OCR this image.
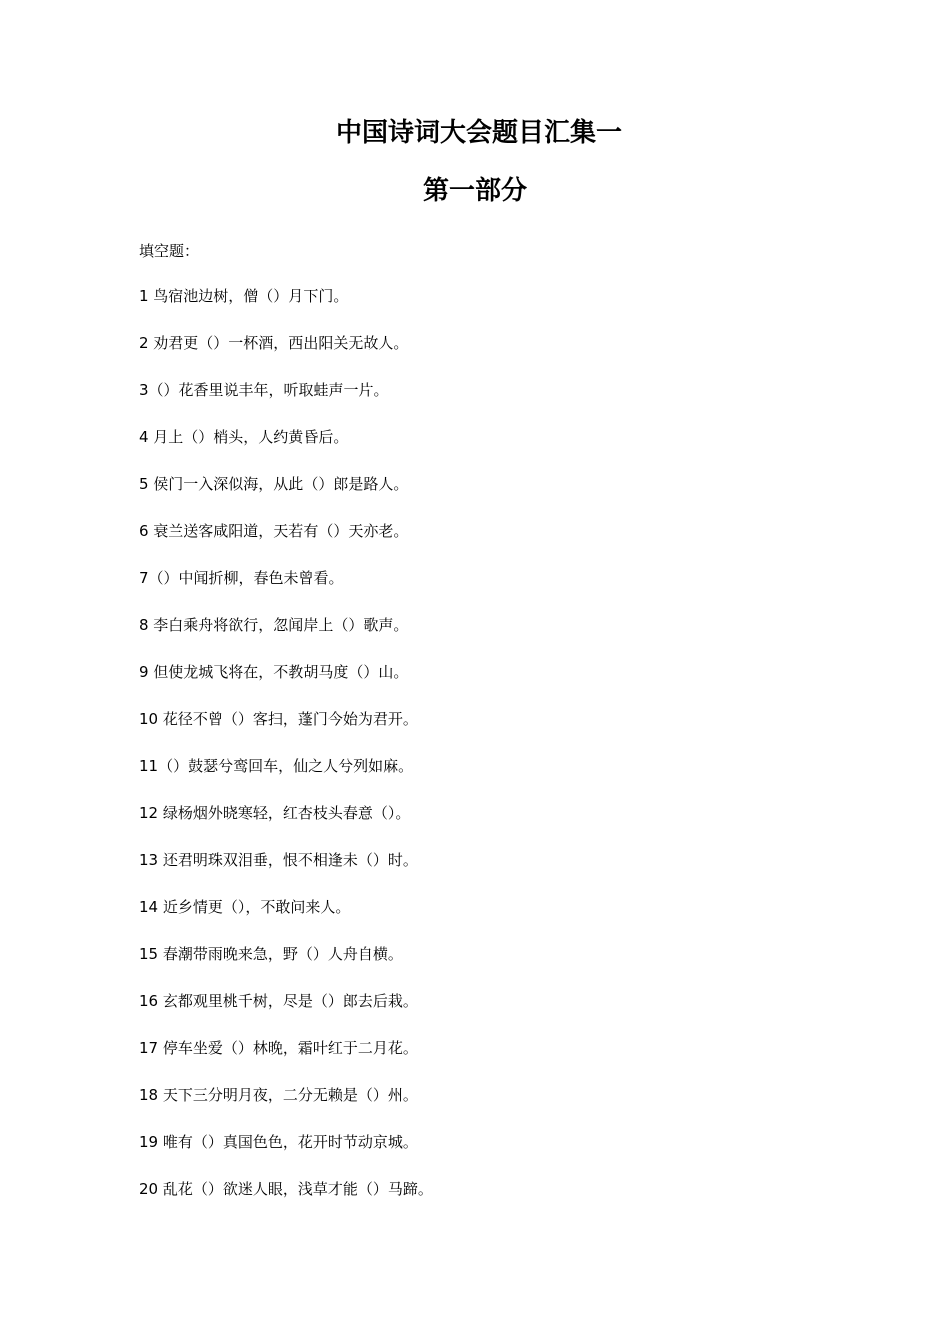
中国诗词大会题目汇集一
第一部分

填空题：

1 鸟宿池边树，僧（）月下门。
2 劝君更（）一杯酒，西出阳关无故人。
3（）花香里说丰年，听取蛙声一片。
4 月上（）梢头，人约黄昏后。
5 侯门一入深似海，从此（）郎是路人。
6 衰兰送客咸阳道，天若有（）天亦老。
7（）中闻折柳，春色未曾看。
8 李白乘舟将欲行，忽闻岸上（）歌声。
9 但使龙城飞将在，不教胡马度（）山。
10 花径不曾（）客扫，蓬门今始为君开。
11（）鼓瑟兮鸾回车，仙之人兮列如麻。
12 绿杨烟外晓寒轻，红杏枝头春意（）。
13 还君明珠双泪垂，恨不相逢未（）时。
14 近乡情更（），不敢问来人。
15 春潮带雨晚来急，野（）人舟自横。
16 玄都观里桃千树，尽是（）郎去后栽。
17 停车坐爱（）林晚，霜叶红于二月花。
18 天下三分明月夜，二分无赖是（）州。
19 唯有（）真国色色，花开时节动京城。
20 乱花（）欲迷人眼，浅草才能（）马蹄。
